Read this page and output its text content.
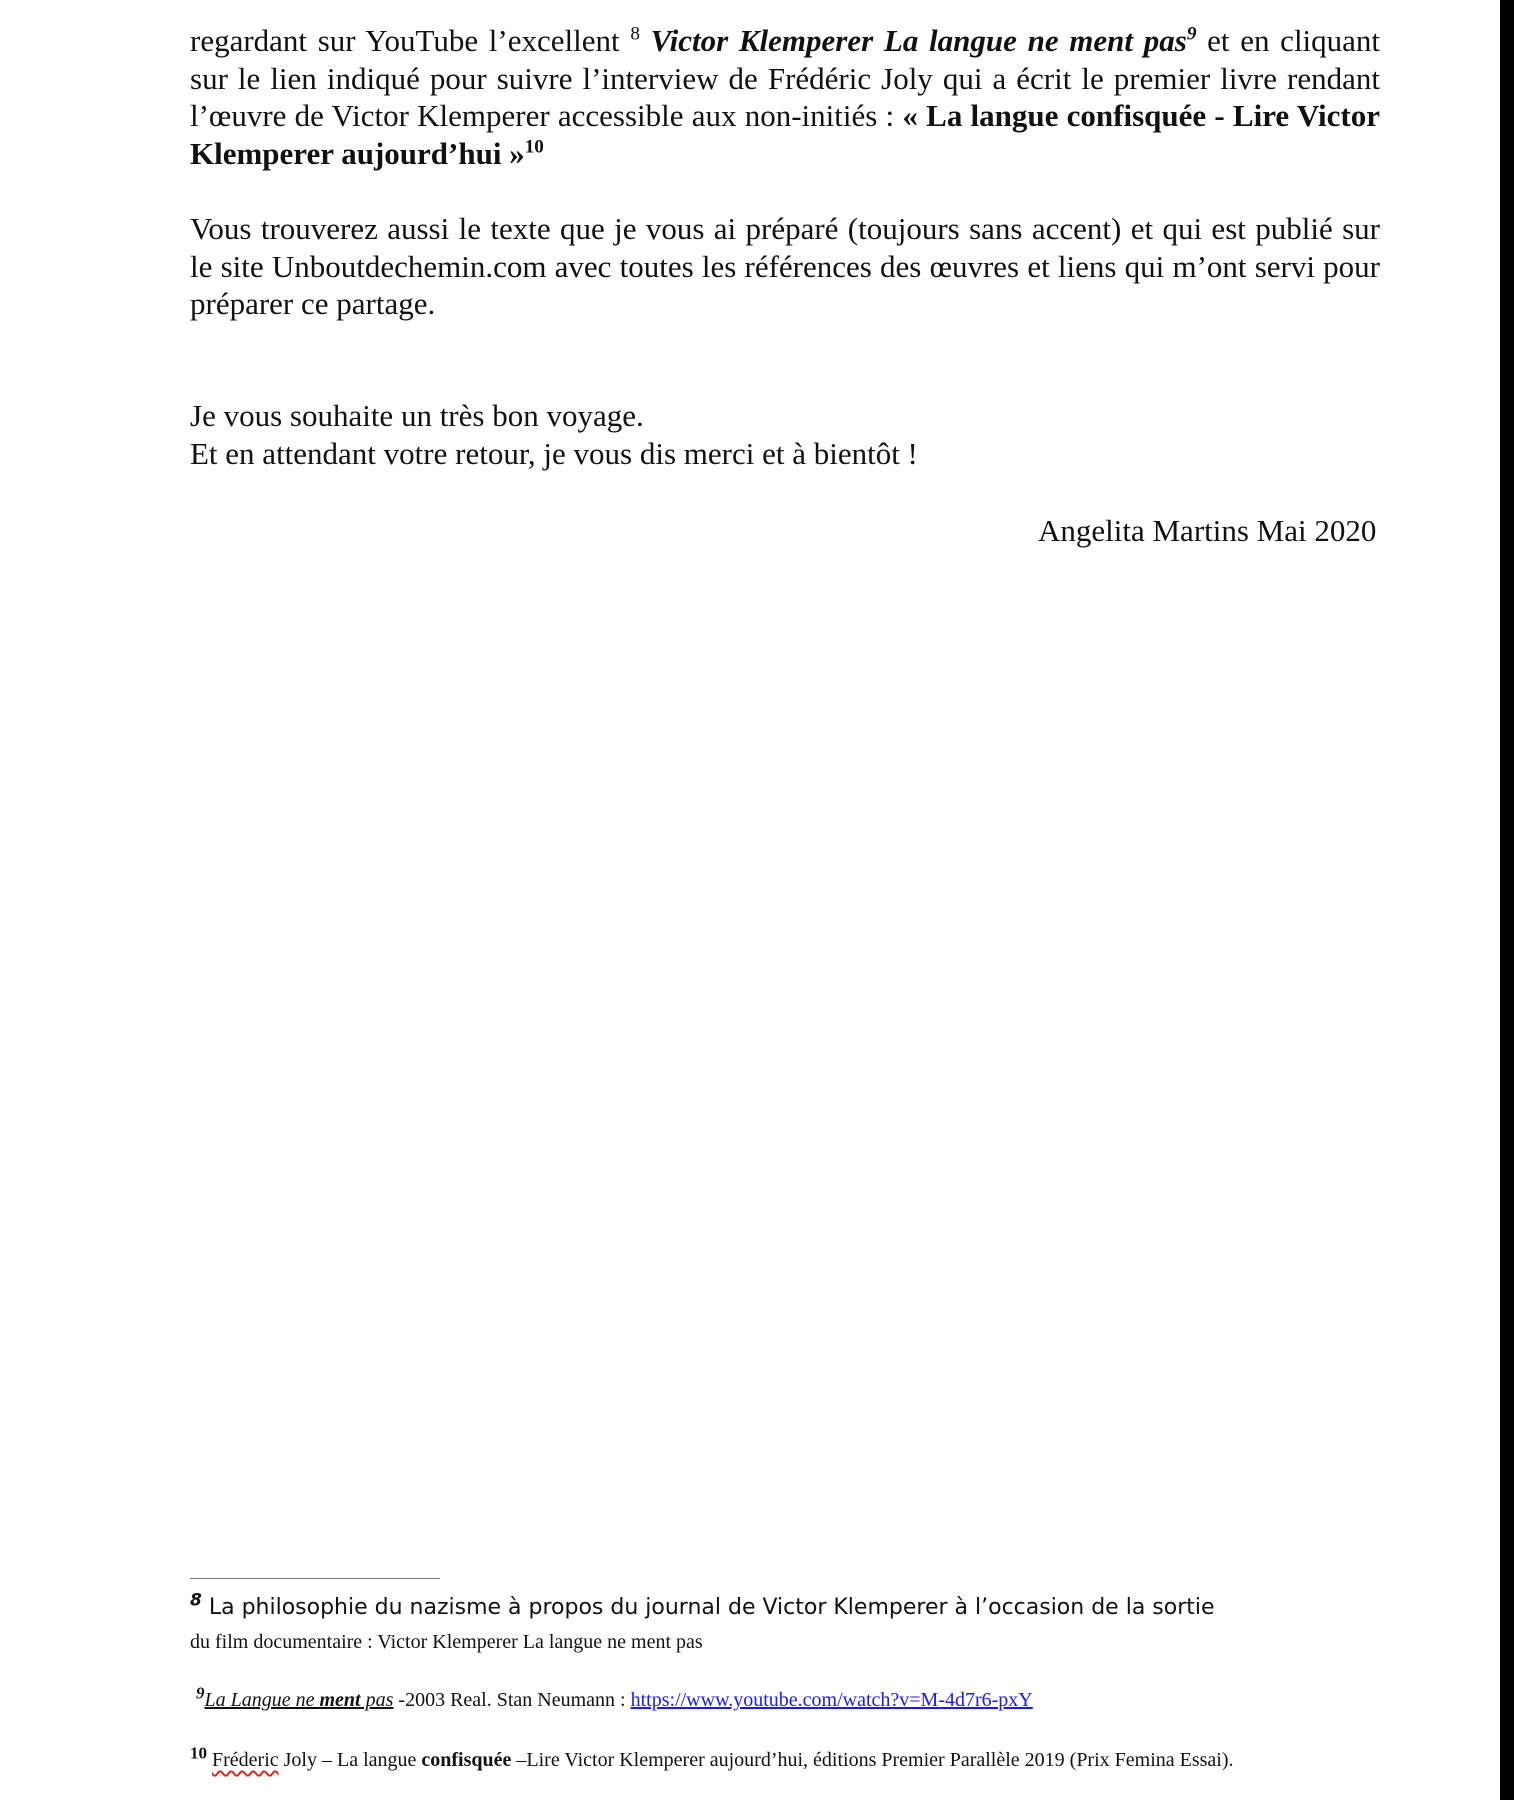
regardant sur YouTube l’excellent $^8$ Victor Klemperer La langue ne ment pas$^9$ et en cliquant sur le lien indiqué pour suivre l’interview de Frédéric Joly qui a écrit le premier livre rendant l’œuvre de Victor Klemperer accessible aux non-initiés : « La langue confisquée - Lire Victor Klemperer aujourd’hui »$^{10}$

Vous trouverez aussi le texte que je vous ai préparé (toujours sans accent) et qui est publié sur le site Unboutdechemin.com avec toutes les références des œuvres et liens qui m’ont servi pour préparer ce partage.

Je vous souhaite un très bon voyage.

Et en attendant votre retour, je vous dis merci et à bientôt !

Angelita Martins Mai 2020

$^8$ La philosophie du nazisme à propos du journal de Victor Klemperer à l’occasion de la sortie

du film documentaire : Victor Klemperer La langue ne ment pas

$^9$La Langue ne ment pas -2003 Real. Stan Neumann : https://www.youtube.com/watch?v=M-4d7r6-pxY

$^{10}$ Fréderic Joly – La langue confisquée –Lire Victor Klemperer aujourd’hui, éditions Premier Parallèle 2019 (Prix Femina Essai).
